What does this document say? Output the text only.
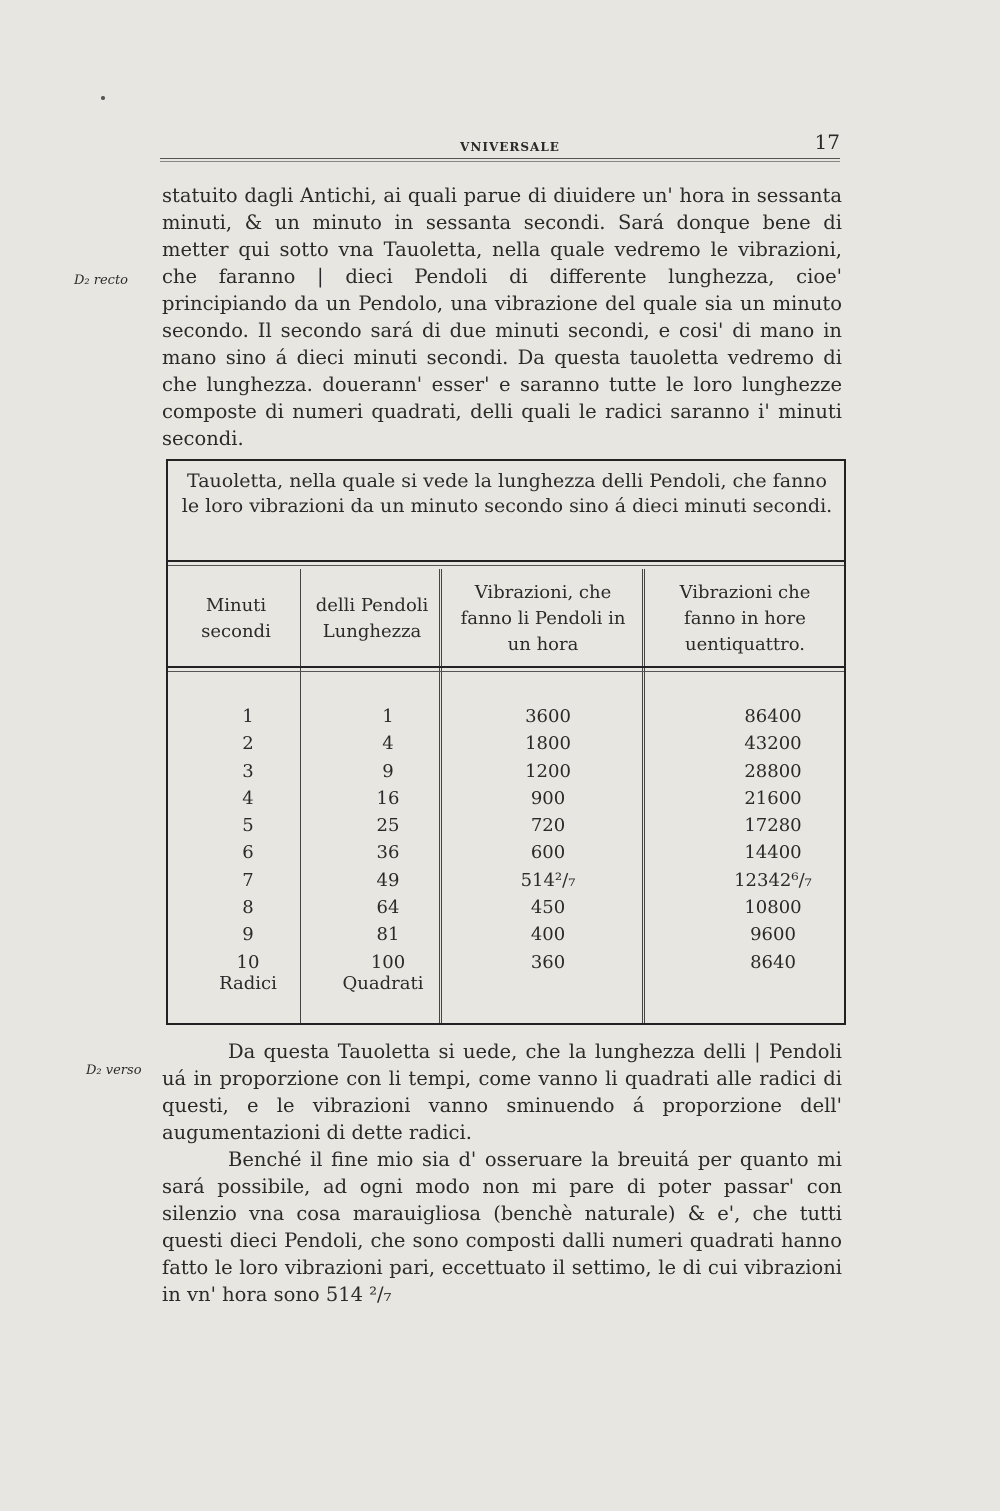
VNIVERSALE	17
D₂ recto
D₂ verso
statuito dagli Antichi, ai quali parue di diuidere un' hora in sessanta minuti, & un minuto in sessanta secondi. Sará donque bene di metter qui sotto vna Tauoletta, nella quale vedremo le vibrazioni, che faranno | dieci Pendoli di differente lunghezza, cioe' principiando da un Pendolo, una vibrazione del quale sia un minuto secondo. Il secondo sará di due minuti secondi, e cosi' di mano in mano sino á dieci minuti secondi. Da questa tauoletta vedremo di che lunghezza. douerann' esser' e saranno tutte le loro lunghezze composte di numeri quadrati, delli quali le radici saranno i' minuti secondi.
Tauoletta, nella quale si vede la lunghezza delli Pendoli, che fanno le loro vibrazioni da un minuto secondo sino á dieci minuti secondi.
Minuti secondi
delli Pendoli Lunghezza
Vibrazioni, che fanno li Pendoli in un hora
Vibrazioni che fanno in hore uentiquattro.
1
2
3
4
5
6
7
8
9
10
1
4
9
16
25
36
49
64
81
100
3600
1800
1200
900
720
600
514²/₇
450
400
360
86400
43200
28800
21600
17280
14400
12342⁶/₇
10800
9600
8640
Radici	Quadrati

Da questa Tauoletta si uede, che la lunghezza delli | Pendoli uá in proporzione con li tempi, come vanno li quadrati alle radici di questi, e le vibrazioni vanno sminuendo á proporzione dell' augumentazioni di dette radici.

Benché il fine mio sia d' osseruare la breuitá per quanto mi sará possibile, ad ogni modo non mi pare di poter passar' con silenzio vna cosa marauigliosa (benchè naturale) & e', che tutti questi dieci Pendoli, che sono composti dalli numeri quadrati hanno fatto le loro vibrazioni pari, eccettuato il settimo, le di cui vibrazioni in vn' hora sono 514 ²/₇
